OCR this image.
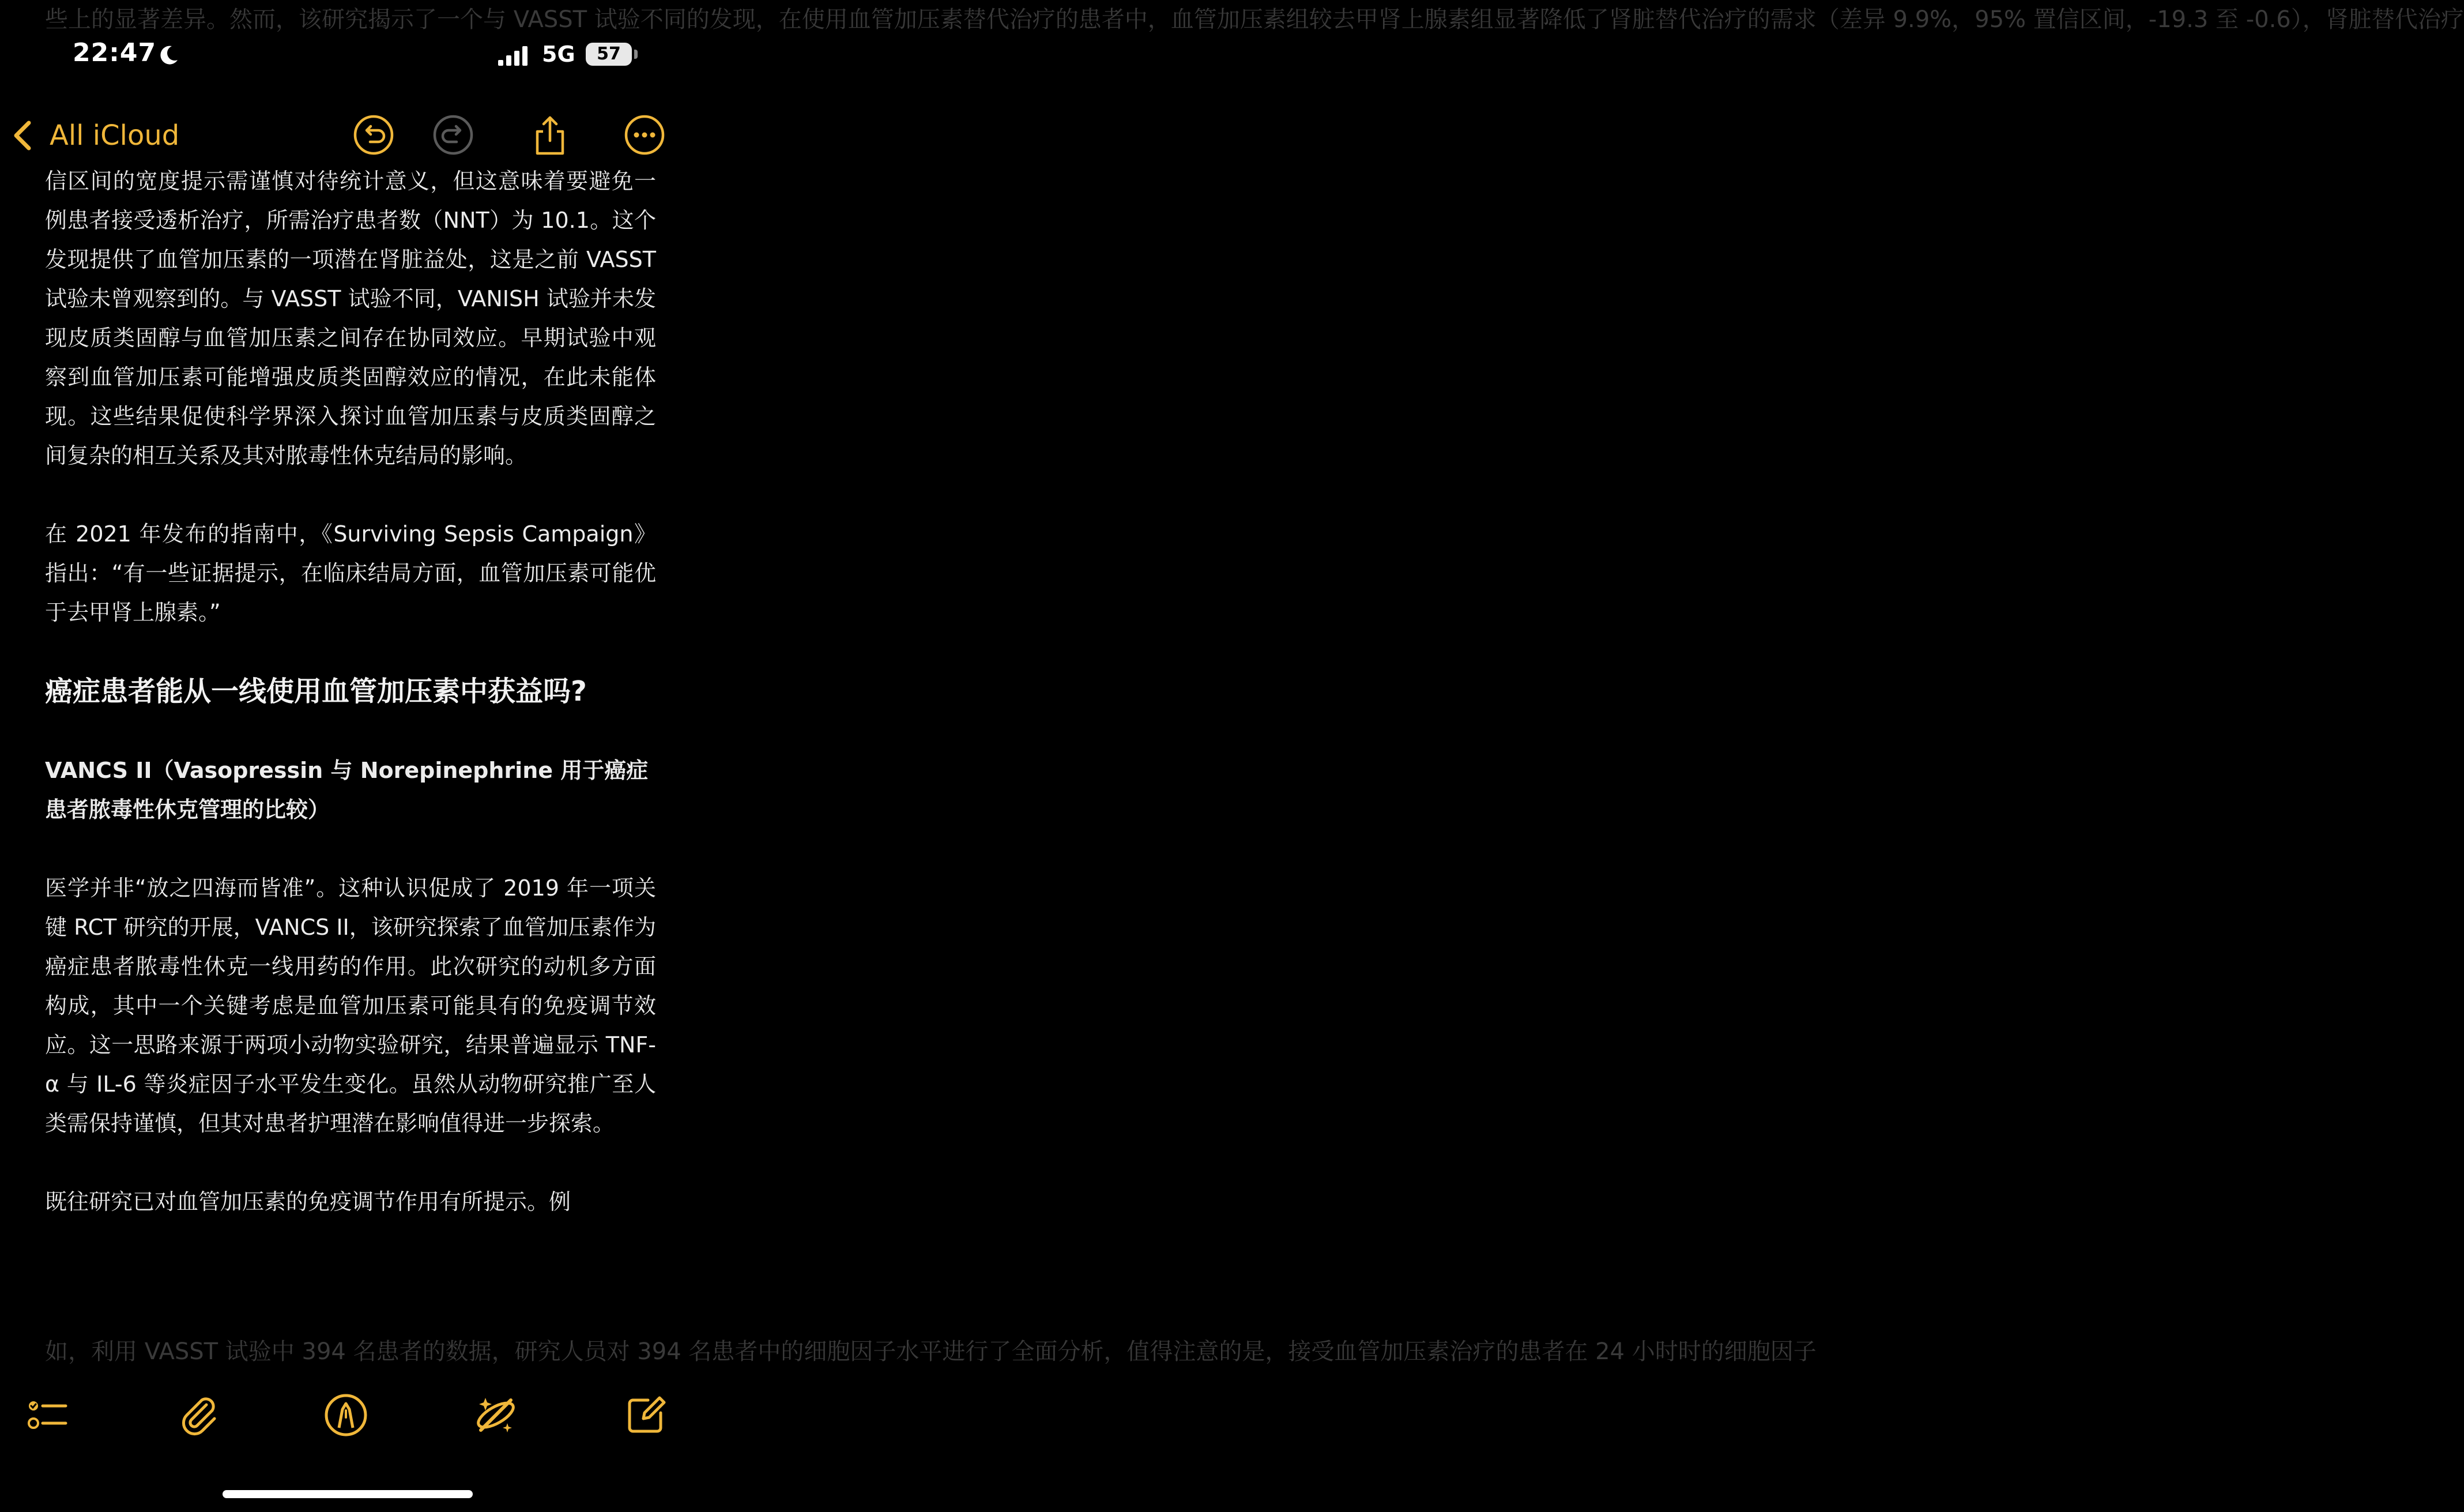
些上的显著差异。然而，该研究揭示了一个与 VASST 试验不同的发现，在使用血管加压素替代治疗的患者中，血管加压素组较去甲肾上腺素组显著降低了肾脏替代治疗的需求（差异 9.9%，95% 置信区间，-19.3 至 -0.6），肾脏替代治疗
如，利用 VASST 试验中 394 名患者的数据，研究人员对 394 名患者中的细胞因子水平进行了全面分析，值得注意的是，接受血管加压素治疗的患者在 24 小时时的细胞因子
22:47	5G	57
All iCloud

信区间的宽度提示需谨慎对待统计意义，但这意味着要避免一例患者接受透析治疗，所需治疗患者数（NNT）为 10.1。这个发现提供了血管加压素的一项潜在肾脏益处，这是之前 VASST 试验未曾观察到的。与 VASST 试验不同，VANISH 试验并未发现皮质类固醇与血管加压素之间存在协同效应。早期试验中观察到血管加压素可能增强皮质类固醇效应的情况，在此未能体现。这些结果促使科学界深入探讨血管加压素与皮质类固醇之间复杂的相互关系及其对脓毒性休克结局的影响。

在 2021 年发布的指南中，《Surviving Sepsis Campaign》指出：“有一些证据提示，在临床结局方面，血管加压素可能优于去甲肾上腺素。”

癌症患者能从一线使用血管加压素中获益吗?

VANCS II（Vasopressin 与 Norepinephrine 用于癌症患者脓毒性休克管理的比较）

医学并非“放之四海而皆准”。这种认识促成了 2019 年一项关键 RCT 研究的开展，VANCS II，该研究探索了血管加压素作为癌症患者脓毒性休克一线用药的作用。此次研究的动机多方面构成，其中一个关键考虑是血管加压素可能具有的免疫调节效应。这一思路来源于两项小动物实验研究，结果普遍显示 TNF-α 与 IL-6 等炎症因子水平发生变化。虽然从动物研究推广至人类需保持谨慎，但其对患者护理潜在影响值得进一步探索。

既往研究已对血管加压素的免疫调节作用有所提示。例
